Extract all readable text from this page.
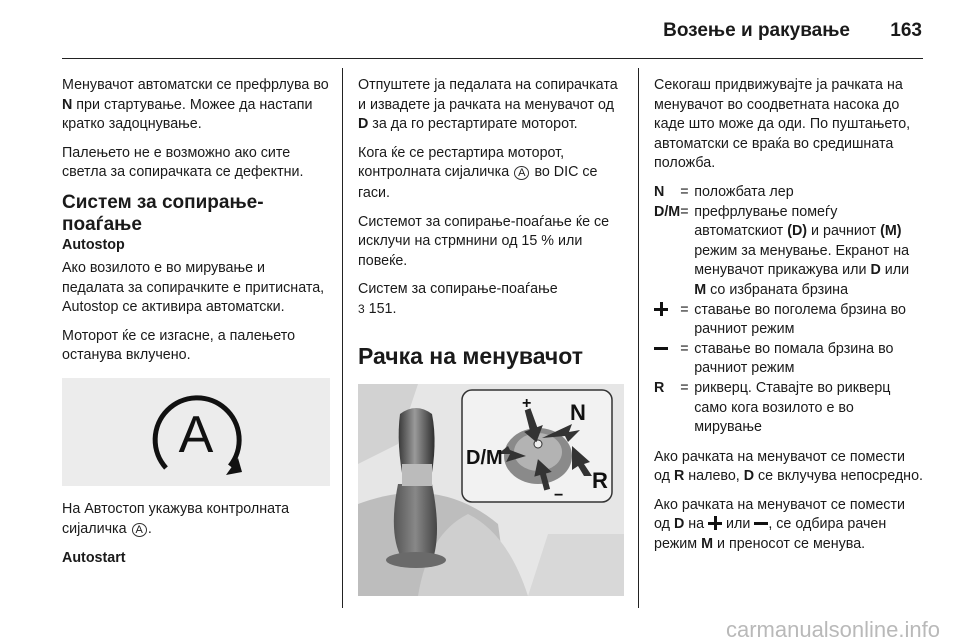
Возење и ракување	163

Менувачот автоматски се префрлува во N при стартување. Можее да настапи кратко задоцнување.

Палењето не е возможно ако сите светла за сопирачката се дефектни.

Систем за сопирање-поаѓање
Autostop

Ако возилото е во мирување и педалата за сопирачките е притисната, Autostop се активира автоматски.

Моторот ќе се изгасне, а палењето останува вклучено.

A

На Автостоп укажува контролната сијаличка A .

Autostart

Отпуштете ја педалата на сопирачката и извадете ја рачката на менувачот од D за да го рестартирате моторот.

Кога ќе се рестартира моторот, контролната сијаличка A во DIC се гаси.

Системот за сопирање-поаѓање ќе се исклучи на стрмнини од 15 % или повеќе.

Систем за сопирање-поаѓање
3 151.

Рачка на менувачот
N
R
D/M
+
−

Секогаш придвижувајте ја рачката на менувачот во соодветната насока до каде што може да оди. По пуштањето, автоматски се враќа во средишната положба.

N	=	положбата лер
D/M	=	префрлување помеѓу автоматскиот (D) и рачниот (M) режим за менување. Екранот на менувачот прикажува или D или M со избраната брзина
	=	ставање во поголема брзина во рачниот режим
	=	ставање во помала брзина во рачниот режим
R	=	рикверц. Ставајте во рикверц само кога возилото е во мирување

Ако рачката на менувачот се помести од R налево, D се вклучува непосредно.

Ако рачката на менувачот се помести од D на  или , се одбира рачен режим M и преносот се менува.

carmanualsonline.info
